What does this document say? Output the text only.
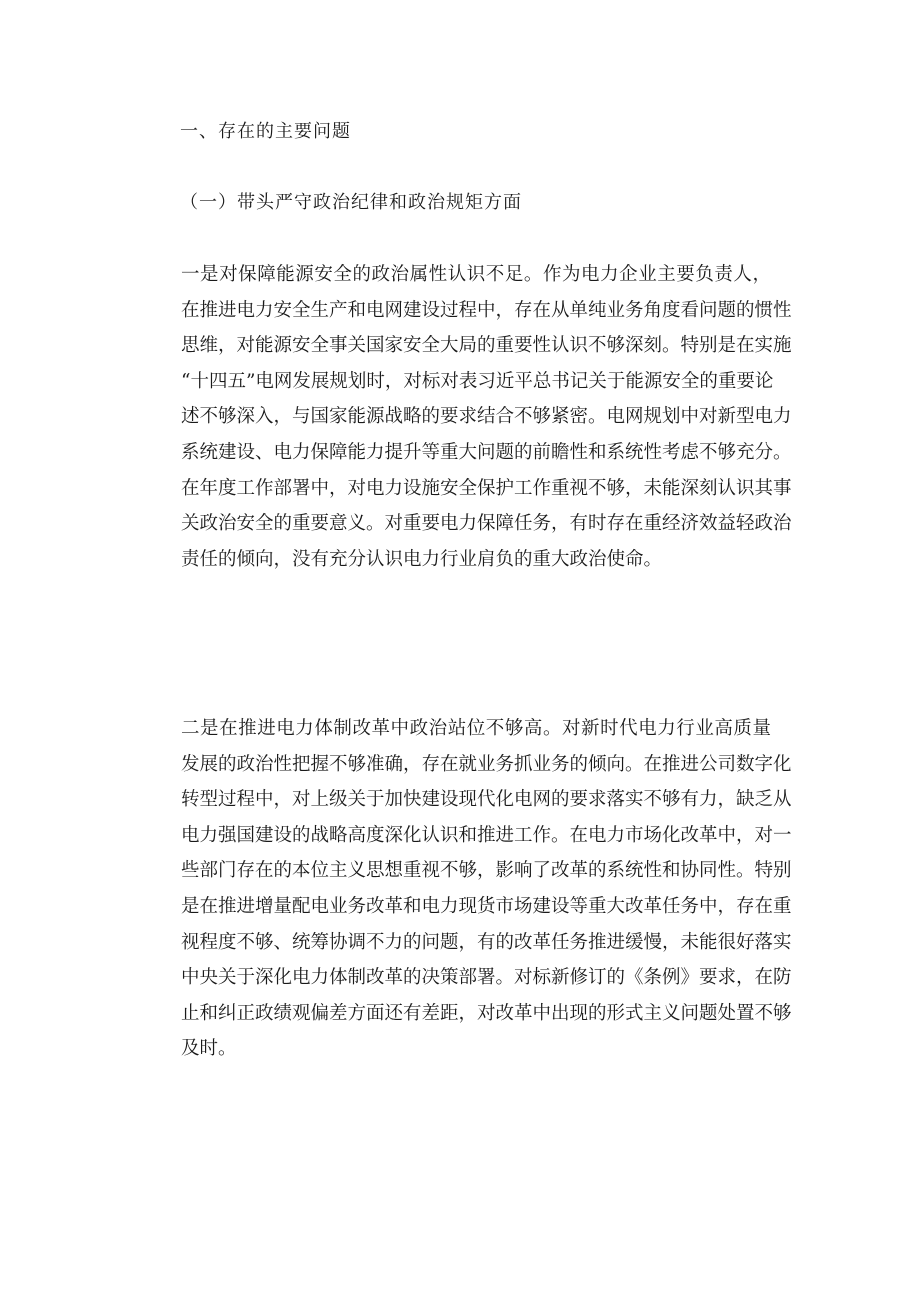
一、存在的主要问题
（一）带头严守政治纪律和政治规矩方面
一是对保障能源安全的政治属性认识不足。作为电力企业主要负责人，
在推进电力安全生产和电网建设过程中，存在从单纯业务角度看问题的惯性
思维，对能源安全事关国家安全大局的重要性认识不够深刻。特别是在实施
“十四五”电网发展规划时，对标对表习近平总书记关于能源安全的重要论
述不够深入，与国家能源战略的要求结合不够紧密。电网规划中对新型电力
系统建设、电力保障能力提升等重大问题的前瞻性和系统性考虑不够充分。
在年度工作部署中，对电力设施安全保护工作重视不够，未能深刻认识其事
关政治安全的重要意义。对重要电力保障任务，有时存在重经济效益轻政治
责任的倾向，没有充分认识电力行业肩负的重大政治使命。
二是在推进电力体制改革中政治站位不够高。对新时代电力行业高质量
发展的政治性把握不够准确，存在就业务抓业务的倾向。在推进公司数字化
转型过程中，对上级关于加快建设现代化电网的要求落实不够有力，缺乏从
电力强国建设的战略高度深化认识和推进工作。在电力市场化改革中，对一
些部门存在的本位主义思想重视不够，影响了改革的系统性和协同性。特别
是在推进增量配电业务改革和电力现货市场建设等重大改革任务中，存在重
视程度不够、统筹协调不力的问题，有的改革任务推进缓慢，未能很好落实
中央关于深化电力体制改革的决策部署。对标新修订的《条例》要求，在防
止和纠正政绩观偏差方面还有差距，对改革中出现的形式主义问题处置不够
及时。
